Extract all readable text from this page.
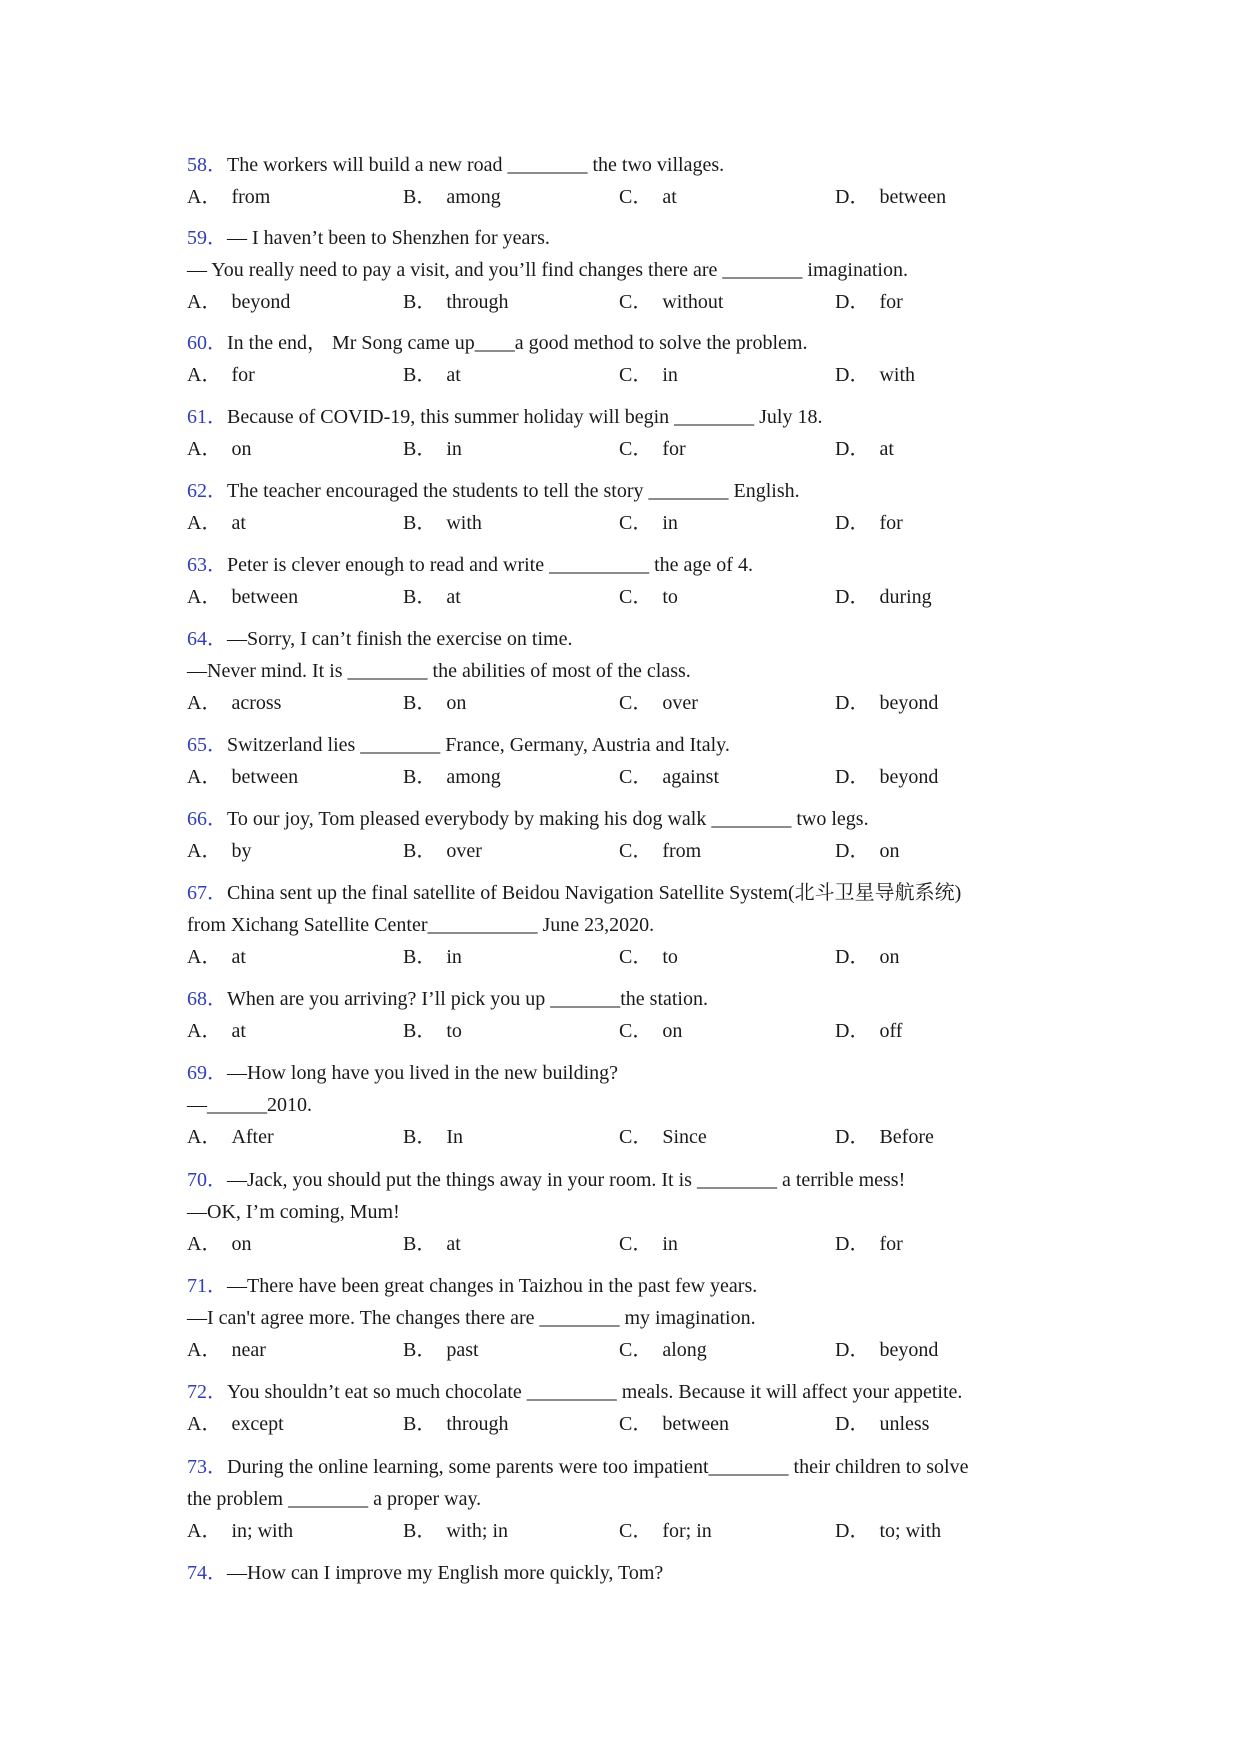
58．The workers will build a new road ________ the two villages.
A． from	B． among	C． at	D． between
59．— I haven’t been to Shenzhen for years.
— You really need to pay a visit, and you’ll find changes there are ________ imagination.
A． beyond	B． through	C． without	D． for
60．In the end， Mr Song came up____a good method to solve the problem.
A． for	B． at	C． in	D． with
61．Because of COVID-19, this summer holiday will begin ________ July 18.
A． on	B． in	C． for	D． at
62．The teacher encouraged the students to tell the story ________ English.
A． at	B． with	C． in	D． for
63．Peter is clever enough to read and write __________ the age of 4.
A． between	B． at	C． to	D． during
64．—Sorry, I can’t finish the exercise on time.
—Never mind. It is ________ the abilities of most of the class.
A． across	B． on	C． over	D． beyond
65．Switzerland lies ________ France, Germany, Austria and Italy.
A． between	B． among	C． against	D． beyond
66．To our joy, Tom pleased everybody by making his dog walk ________ two legs.
A． by	B． over	C． from	D． on
67．China sent up the final satellite of Beidou Navigation Satellite System(北斗卫星导航系统)
from Xichang Satellite Center___________ June 23,2020.
A． at	B． in	C． to	D． on
68．When are you arriving? I’ll pick you up _______the station.
A． at	B． to	C． on	D． off
69．—How long have you lived in the new building?
—______2010.
A． After	B． In	C． Since	D． Before
70．—Jack, you should put the things away in your room. It is ________ a terrible mess!
—OK, I’m coming, Mum!
A． on	B． at	C． in	D． for
71．—There have been great changes in Taizhou in the past few years.
—I can't agree more. The changes there are ________ my imagination.
A． near	B． past	C． along	D． beyond
72．You shouldn’t eat so much chocolate _________ meals. Because it will affect your appetite.
A． except	B． through	C． between	D． unless
73．During the online learning, some parents were too impatient________ their children to solve
the problem ________ a proper way.
A． in; with	B． with; in	C． for; in	D． to; with
74．—How can I improve my English more quickly, Tom?
